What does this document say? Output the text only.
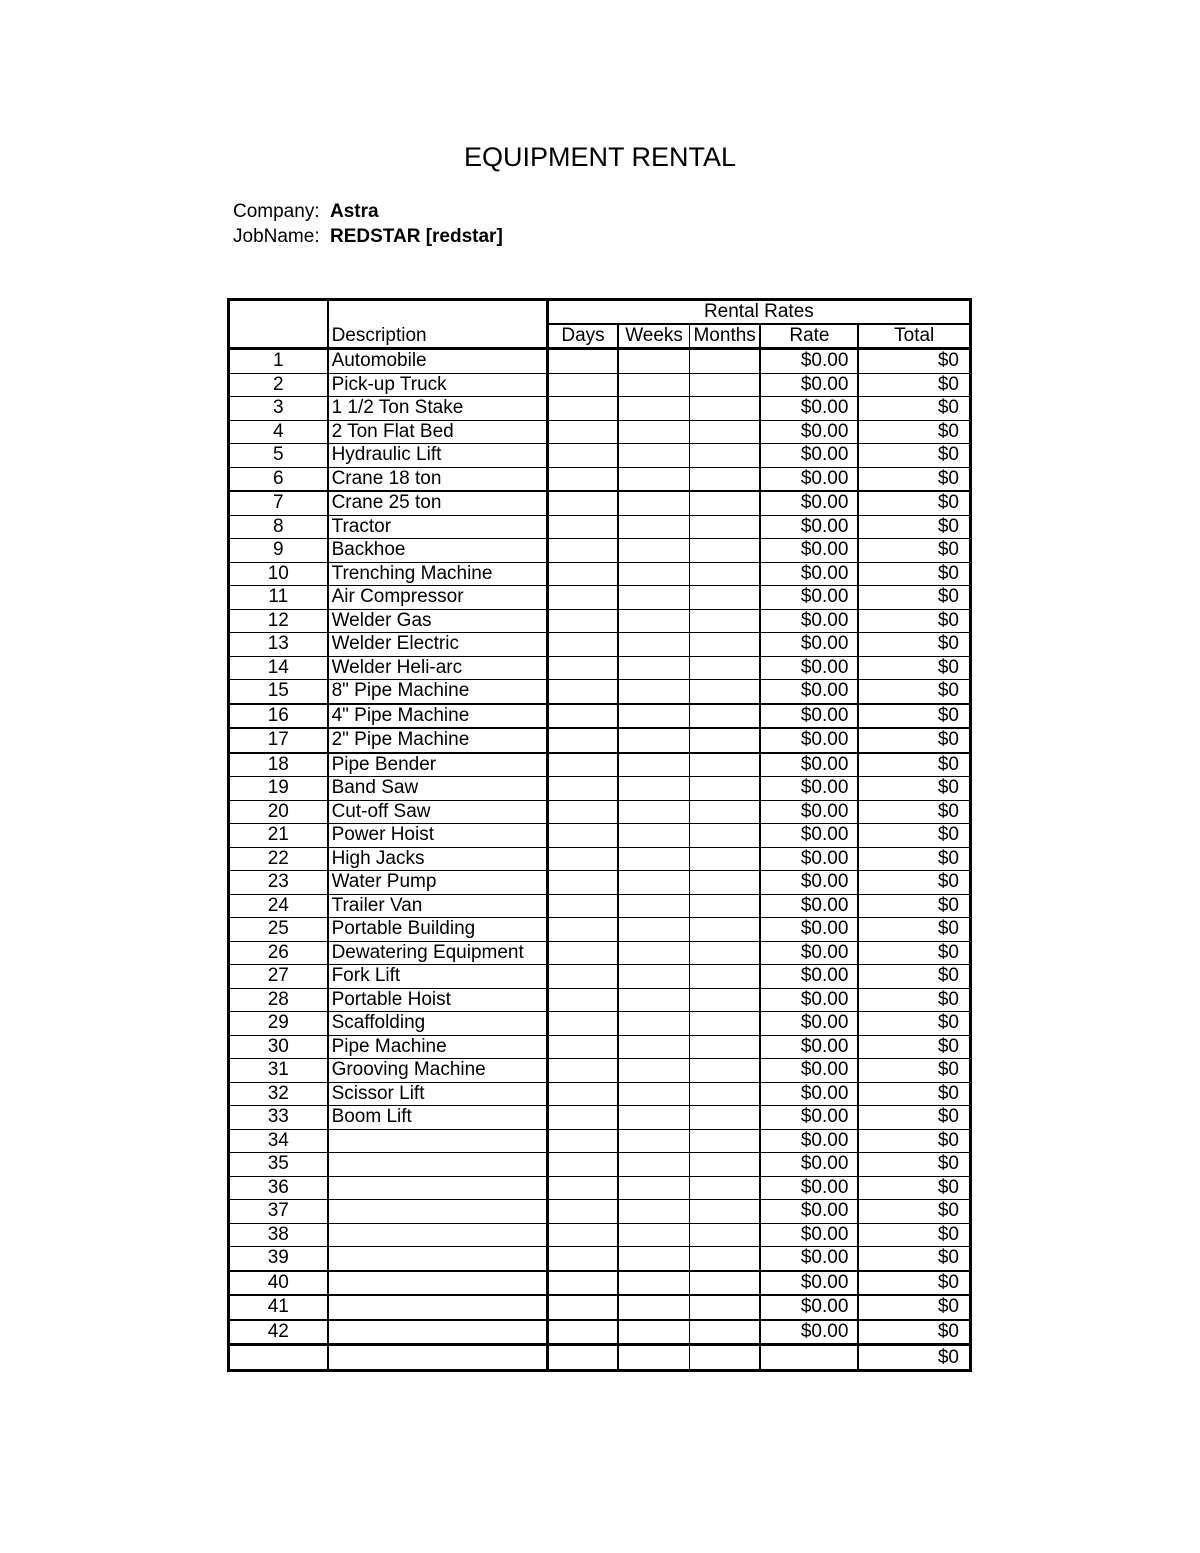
EQUIPMENT RENTAL
Company: Astra
JobName: REDSTAR [redstar]
	Description	Rental Rates				
		Days	Weeks	Months	Rate	Total
1	Automobile				$0.00	$0
2	Pick-up Truck				$0.00	$0
3	1 1/2 Ton Stake				$0.00	$0
4	2 Ton Flat Bed				$0.00	$0
5	Hydraulic Lift				$0.00	$0
6	Crane 18 ton				$0.00	$0
7	Crane 25 ton				$0.00	$0
8	Tractor				$0.00	$0
9	Backhoe				$0.00	$0
10	Trenching Machine				$0.00	$0
11	Air Compressor				$0.00	$0
12	Welder Gas				$0.00	$0
13	Welder Electric				$0.00	$0
14	Welder Heli-arc				$0.00	$0
15	8" Pipe Machine				$0.00	$0
16	4" Pipe Machine				$0.00	$0
17	2" Pipe Machine				$0.00	$0
18	Pipe Bender				$0.00	$0
19	Band Saw				$0.00	$0
20	Cut-off Saw				$0.00	$0
21	Power Hoist				$0.00	$0
22	High Jacks				$0.00	$0
23	Water Pump				$0.00	$0
24	Trailer Van				$0.00	$0
25	Portable Building				$0.00	$0
26	Dewatering Equipment				$0.00	$0
27	Fork Lift				$0.00	$0
28	Portable Hoist				$0.00	$0
29	Scaffolding				$0.00	$0
30	Pipe Machine				$0.00	$0
31	Grooving Machine				$0.00	$0
32	Scissor Lift				$0.00	$0
33	Boom Lift				$0.00	$0
34					$0.00	$0
35					$0.00	$0
36					$0.00	$0
37					$0.00	$0
38					$0.00	$0
39					$0.00	$0
40					$0.00	$0
41					$0.00	$0
42					$0.00	$0
						$0
